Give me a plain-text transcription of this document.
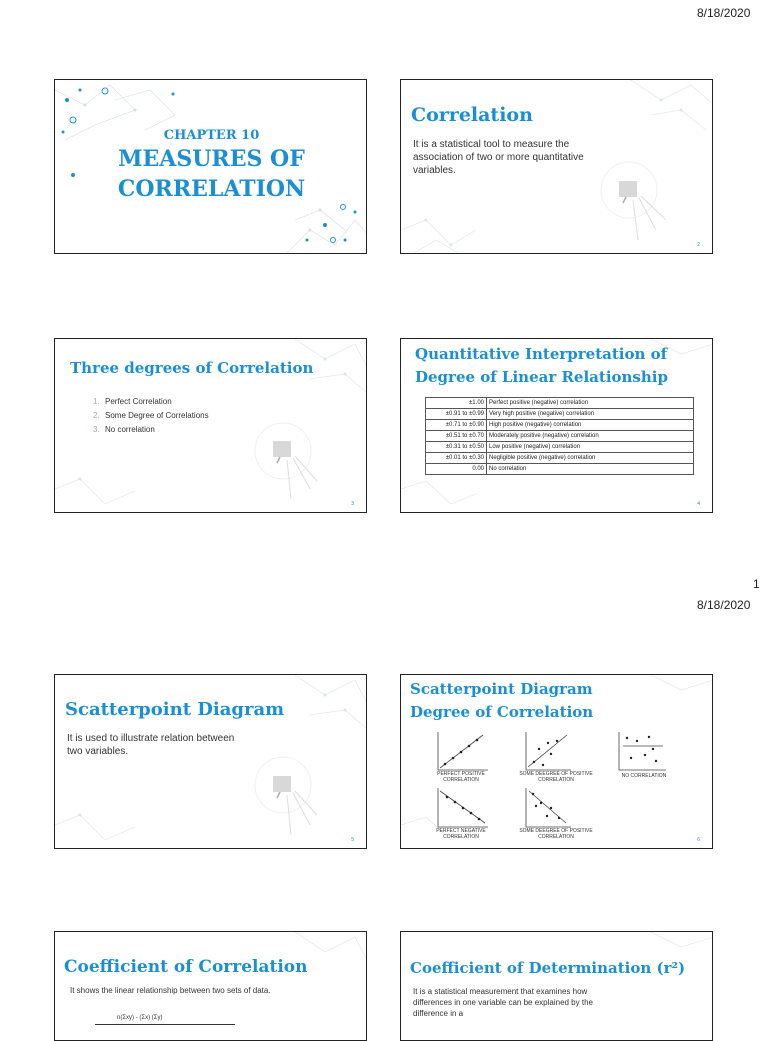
8/18/2020
CHAPTER 10
MEASURES OF
CORRELATION
Correlation
It is a statistical tool to measure the association of two or more quantitative variables.
2
Three degrees of Correlation
1. Perfect Correlation
2. Some Degree of Correlations
3. No correlation
3
Quantitative Interpretation of
Degree of Linear Relationship
±1.00	Perfect positive (negative) correlation
±0.91 to ±0.99	Very high positive (negative) correlation
±0.71 to ±0.90	High positive (negative) correlation
±0.51 to ±0.70	Moderately positive (negative) correlation
±0.31 to ±0.50	Low positive (negative) correlation
±0.01 to ±0.30	Negligible positive (negative) correlation
0.00	No correlation
4
1
8/18/2020
Scatterpoint Diagram
It is used to illustrate relation between two variables.
5
Scatterpoint Diagram
Degree of Correlation
PERFECT POSITIVE CORRELATION
SOME DEEGREE OF POSITIVE CORRELATION
NO CORRELATION
PERFECT NEGATIVE CORRELATION
SOME DEEGREE OF POSITIVE CORRELATION	6
Coefficient of Correlation
It shows the linear relationship between two sets of data.
n(Σxy) - (Σx) (Σy)
Coefficient of Determination (r²)
It is a statistical measurement that examines how differences in one variable can be explained by the difference in a
